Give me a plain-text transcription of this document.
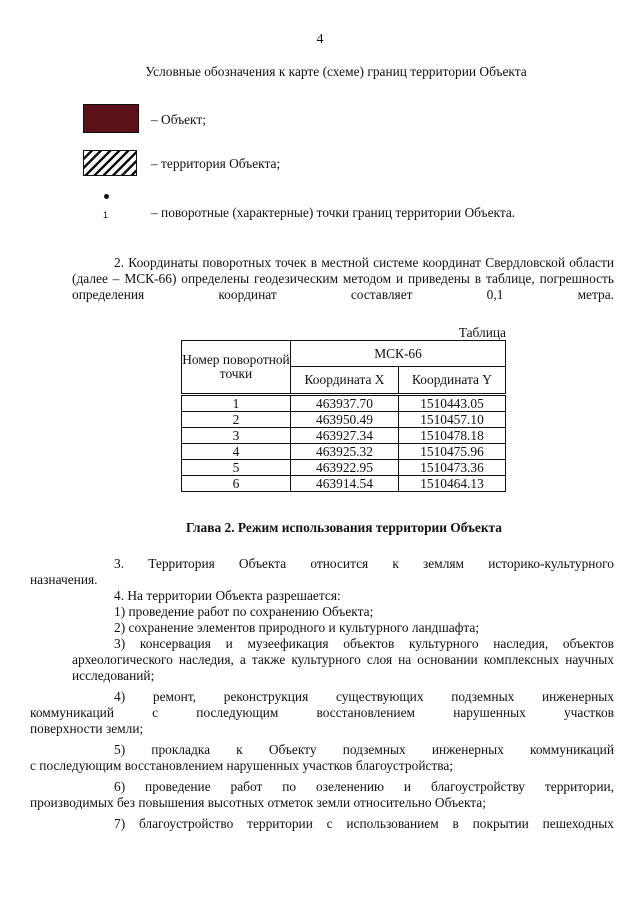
4
Условные обозначения к карте (схеме) границ территории Объекта
– Объект;
– территория Объекта;
1	– поворотные (характерные) точки границ территории Объекта.
2. Координаты поворотных точек в местной системе координат Свердловской области (далее – МСК-66) определены геодезическим методом и приведены в таблице, погрешность определения координат составляет 0,1 метра.
Таблица
Номер поворотной точки	МСК-66	
	Координата X	Координата Y
1	463937.70	1510443.05
2	463950.49	1510457.10
3	463927.34	1510478.18
4	463925.32	1510475.96
5	463922.95	1510473.36
6	463914.54	1510464.13
Глава 2. Режим использования территории Объекта
3. Территория Объекта относится к землям историко-культурного
назначения.
4. На территории Объекта разрешается:
1) проведение работ по сохранению Объекта;
2) сохранение элементов природного и культурного ландшафта;
3) консервация и музеефикация объектов культурного наследия, объектов археологического наследия, а также культурного слоя на основании комплексных научных исследований;
4) ремонт, реконструкция существующих подземных инженерных
коммуникаций с последующим восстановлением нарушенных участков
поверхности земли;
5) прокладка к Объекту подземных инженерных коммуникаций
с последующим восстановлением нарушенных участков благоустройства;
6) проведение работ по озеленению и благоустройству территории,
производимых без повышения высотных отметок земли относительно Объекта;
7) благоустройство территории с использованием в покрытии пешеходных
